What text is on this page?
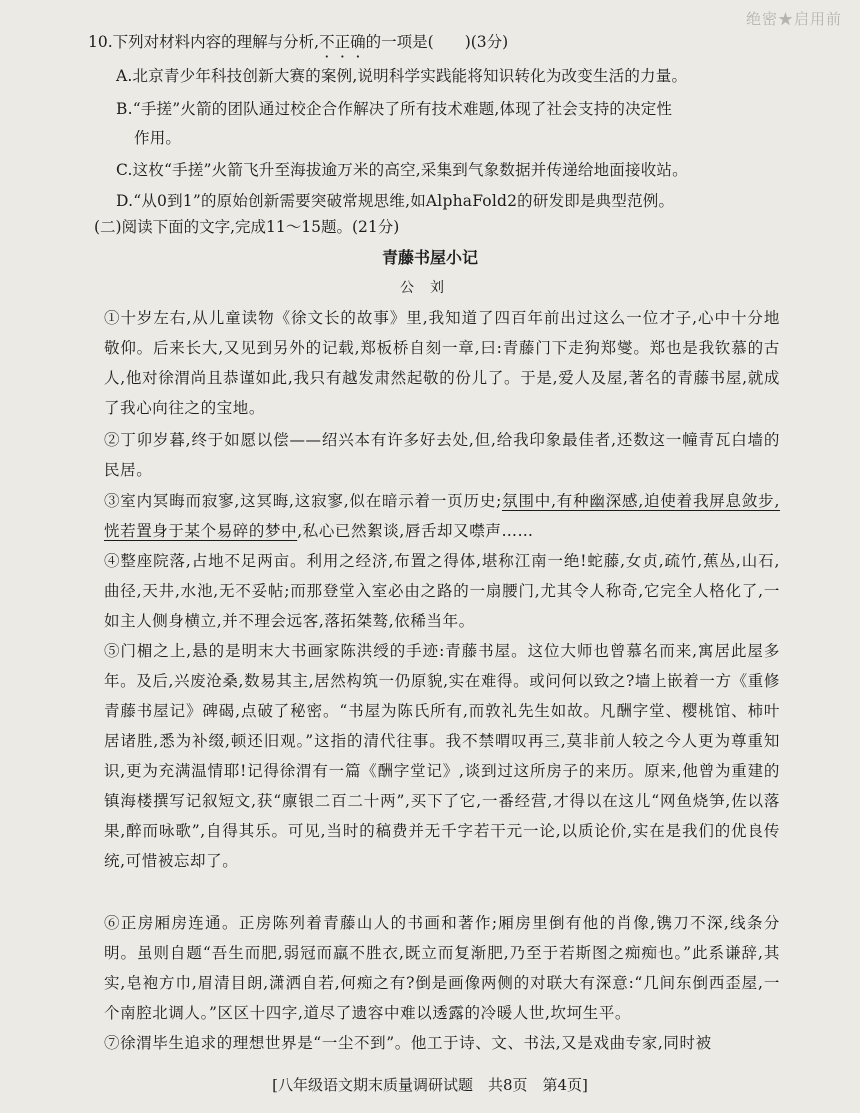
绝密★启用前
10.下列对材料内容的理解与分析,不正确的一项是(　　)(3分)
A.北京青少年科技创新大赛的案例,说明科学实践能将知识转化为改变生活的力量。
B.“手搓”火箭的团队通过校企合作解决了所有技术难题,体现了社会支持的决定性
作用。
C.这枚“手搓”火箭飞升至海拔逾万米的高空,采集到气象数据并传递给地面接收站。
D.“从0到1”的原始创新需要突破常规思维,如AlphaFold2的研发即是典型范例。
(二)阅读下面的文字,完成11～15题。(21分)
青藤书屋小记
公刘
①十岁左右,从儿童读物《徐文长的故事》里,我知道了四百年前出过这么一位才子,心中十分地敬仰。后来长大,又见到另外的记载,郑板桥自刻一章,曰:青藤门下走狗郑燮。郑也是我钦慕的古人,他对徐渭尚且恭谨如此,我只有越发肃然起敬的份儿了。于是,爱人及屋,著名的青藤书屋,就成了我心向往之的宝地。
②丁卯岁暮,终于如愿以偿——绍兴本有许多好去处,但,给我印象最佳者,还数这一幢青瓦白墙的民居。
③室内冥晦而寂寥,这冥晦,这寂寥,似在暗示着一页历史;氛围中,有种幽深感,迫使着我屏息敛步,恍若置身于某个易碎的梦中,私心已然絮谈,唇舌却又噤声……
④整座院落,占地不足两亩。利用之经济,布置之得体,堪称江南一绝!蛇藤,女贞,疏竹,蕉丛,山石,曲径,天井,水池,无不妥帖;而那登堂入室必由之路的一扇腰门,尤其令人称奇,它完全人格化了,一如主人侧身横立,并不理会远客,落拓桀骜,依稀当年。
⑤门楣之上,悬的是明末大书画家陈洪绶的手迹:青藤书屋。这位大师也曾慕名而来,寓居此屋多年。及后,兴废沧桑,数易其主,居然构筑一仍原貌,实在难得。或问何以致之?墙上嵌着一方《重修青藤书屋记》碑碣,点破了秘密。“书屋为陈氏所有,而敦礼先生如故。凡酬字堂、樱桃馆、柿叶居诸胜,悉为补缀,顿还旧观。”这指的清代往事。我不禁喟叹再三,莫非前人较之今人更为尊重知识,更为充满温情耶!记得徐渭有一篇《酬字堂记》,谈到过这所房子的来历。原来,他曾为重建的镇海楼撰写记叙短文,获“廪银二百二十两”,买下了它,一番经营,才得以在这儿“网鱼烧笋,佐以落果,醉而咏歌”,自得其乐。可见,当时的稿费并无千字若干元一论,以质论价,实在是我们的优良传统,可惜被忘却了。
⑥正房厢房连通。正房陈列着青藤山人的书画和著作;厢房里倒有他的肖像,镌刀不深,线条分明。虽则自题“吾生而肥,弱冠而羸不胜衣,既立而复渐肥,乃至于若斯图之痴痴也。”此系谦辞,其实,皂袍方巾,眉清目朗,潇洒自若,何痴之有?倒是画像两侧的对联大有深意:“几间东倒西歪屋,一个南腔北调人。”区区十四字,道尽了遗容中难以透露的冷暖人世,坎坷生平。
⑦徐渭毕生追求的理想世界是“一尘不到”。他工于诗、文、书法,又是戏曲专家,同时被
[八年级语文期末质量调研试题　共8页　第4页]
